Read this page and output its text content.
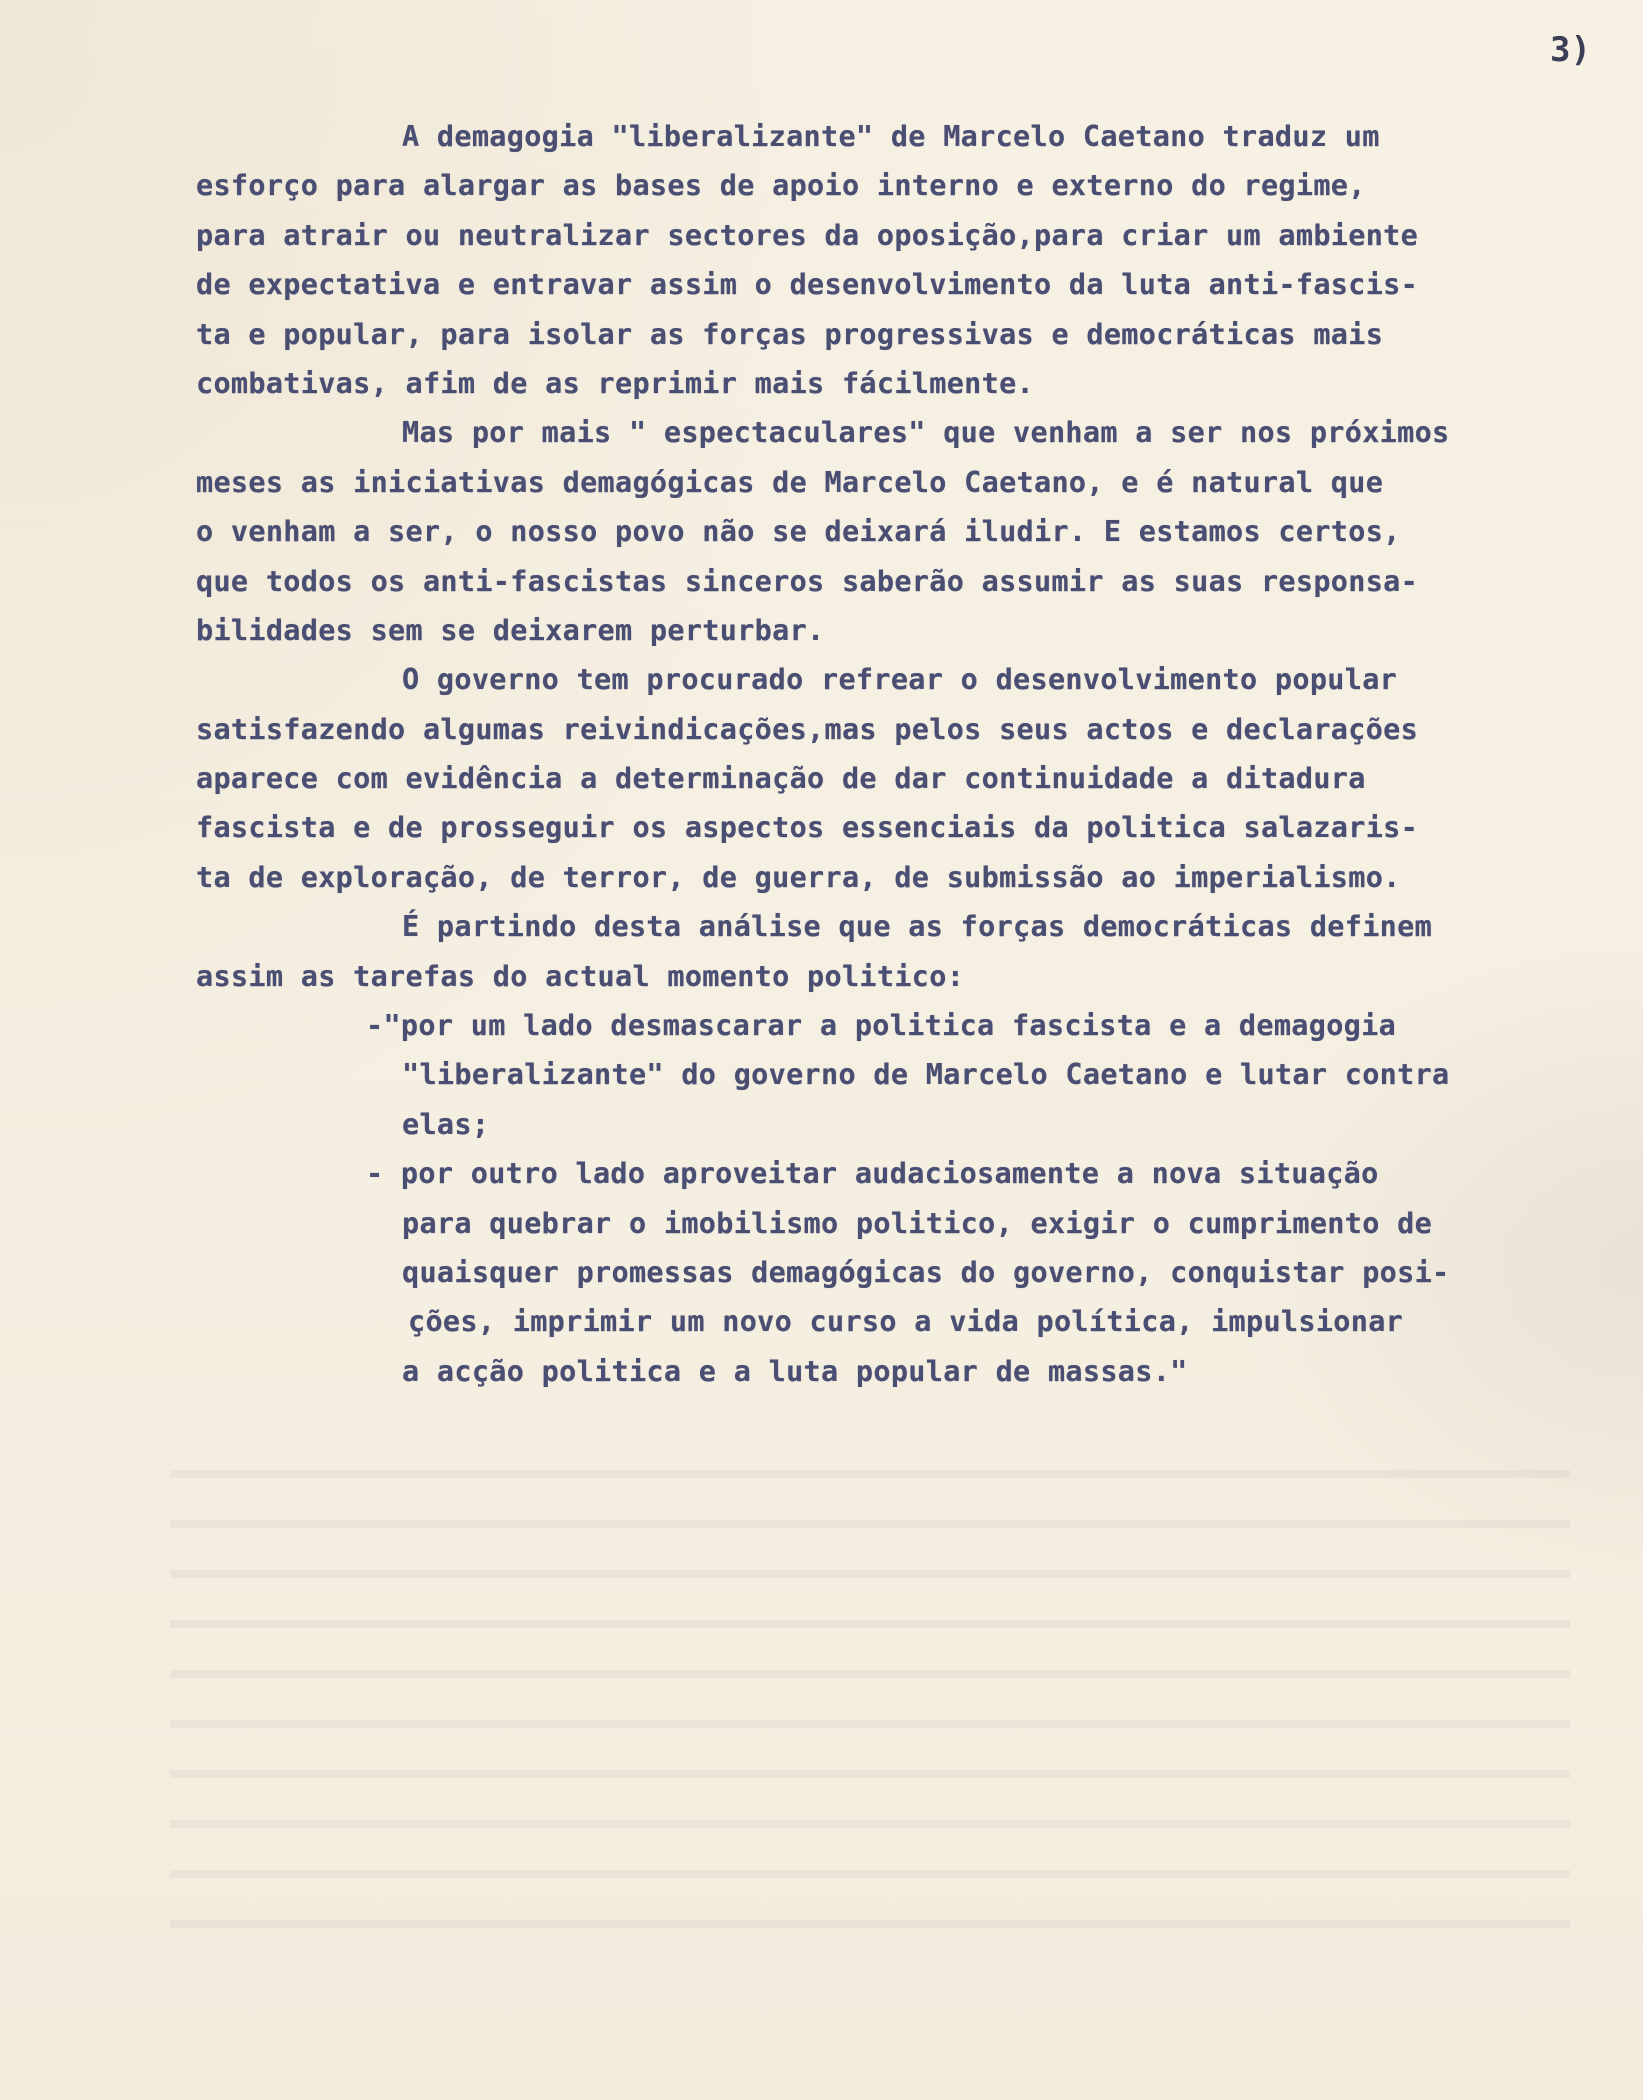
3)
A demagogia "liberalizante" de Marcelo Caetano traduz um
esforço para alargar as bases de apoio interno e externo do regime,
para atrair ou neutralizar sectores da oposição,para criar um ambiente
de expectativa e entravar assim o desenvolvimento da luta anti-fascis-
ta e popular, para isolar as forças progressivas e democráticas mais
combativas, afim de as reprimir mais fácilmente.
Mas por mais " espectaculares" que venham a ser nos próximos
meses as iniciativas demagógicas de Marcelo Caetano, e é natural que
o venham a ser, o nosso povo não se deixará iludir. E estamos certos,
que todos os anti-fascistas sinceros saberão assumir as suas responsa-
bilidades sem se deixarem perturbar.
O governo tem procurado refrear o desenvolvimento popular
satisfazendo algumas reivindicações,mas pelos seus actos e declarações
aparece com evidência a determinação de dar continuidade a ditadura
fascista e de prosseguir os aspectos essenciais da politica salazaris-
ta de exploração, de terror, de guerra, de submissão ao imperialismo.
É partindo desta análise que as forças democráticas definem
assim as tarefas do actual momento politico:
-"por um lado desmascarar a politica fascista e a demagogia
"liberalizante" do governo de Marcelo Caetano e lutar contra
elas;
- por outro lado aproveitar audaciosamente a nova situação
para quebrar o imobilismo politico, exigir o cumprimento de
quaisquer promessas demagógicas do governo, conquistar posi-
ções, imprimir um novo curso a vida política, impulsionar
a acção politica e a luta popular de massas."
